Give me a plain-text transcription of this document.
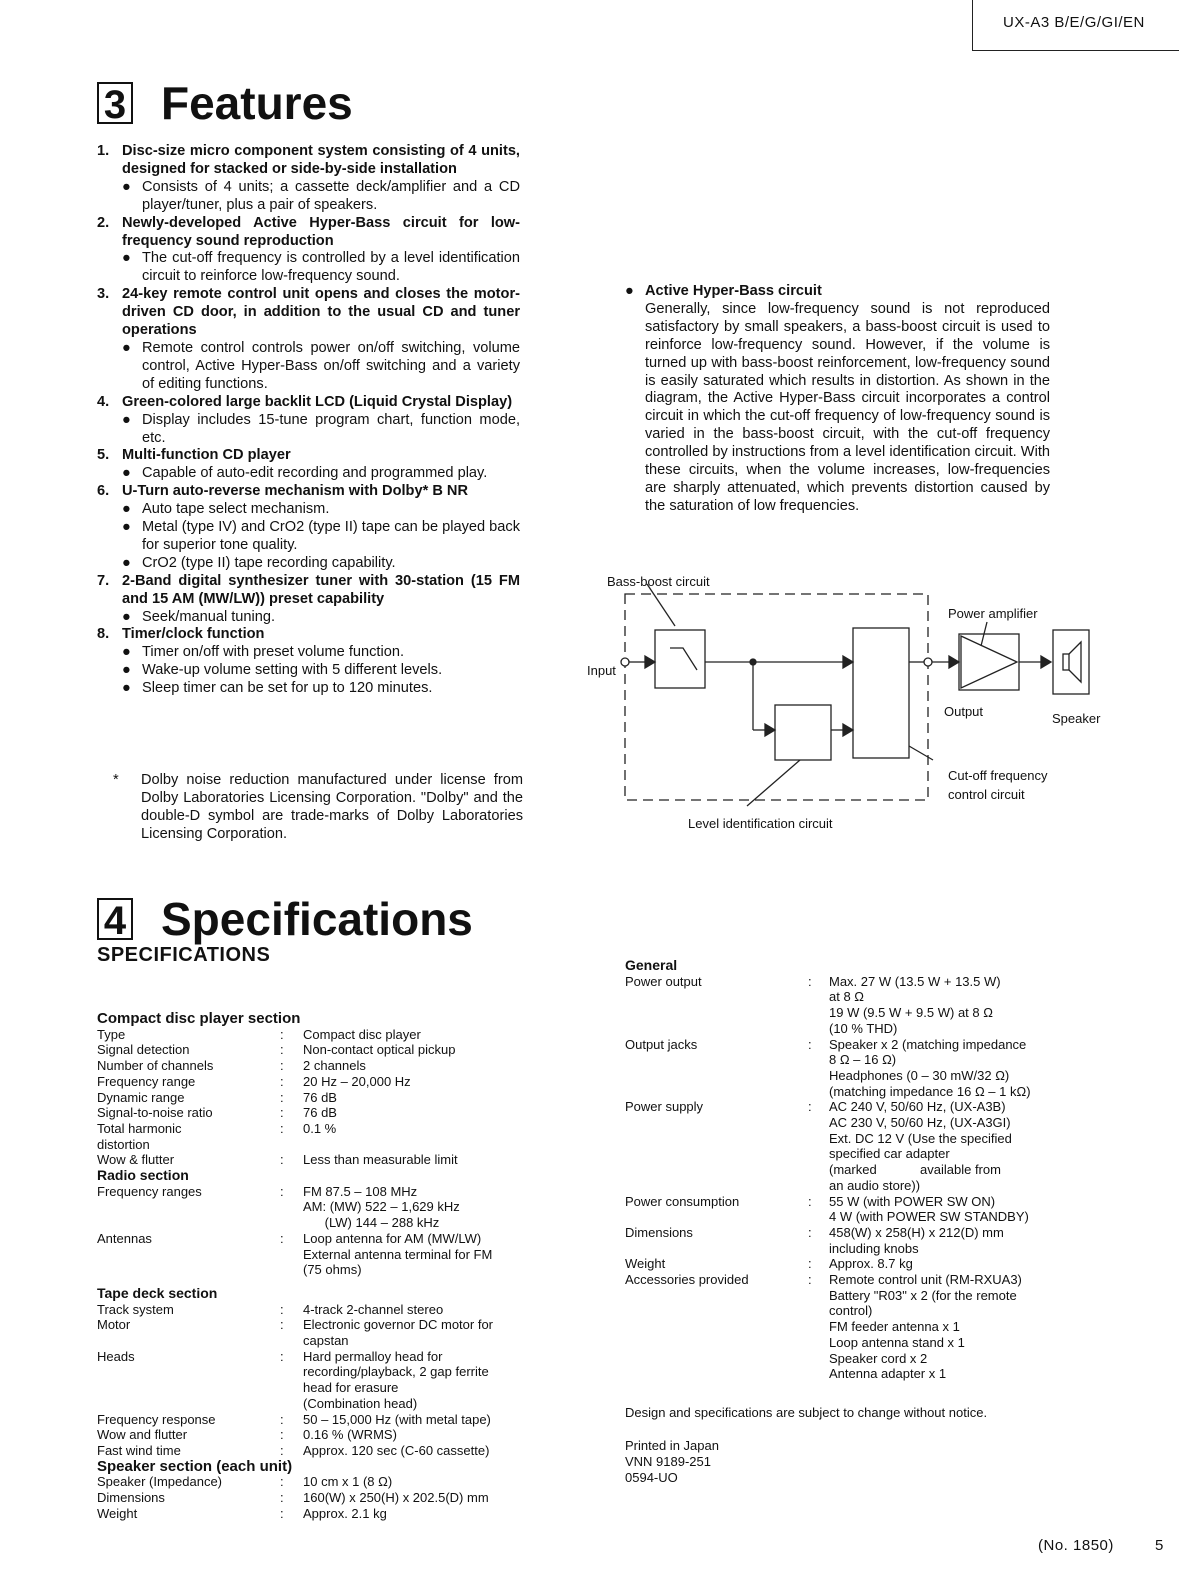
UX-A3 B/E/G/GI/EN
3 Features
1. Disc-size micro component system consisting of 4 units, designed for stacked or side-by-side installation
● Consists of 4 units; a cassette deck/amplifier and a CD player/tuner, plus a pair of speakers.
2. Newly-developed Active Hyper-Bass circuit for low-frequency sound reproduction
● The cut-off frequency is controlled by a level identification circuit to reinforce low-frequency sound.
3. 24-key remote control unit opens and closes the motor-driven CD door, in addition to the usual CD and tuner operations
● Remote control controls power on/off switching, volume control, Active Hyper-Bass on/off switching and a variety of editing functions.
4. Green-colored large backlit LCD (Liquid Crystal Display)
● Display includes 15-tune program chart, function mode, etc.
5. Multi-function CD player
● Capable of auto-edit recording and programmed play.
6. U-Turn auto-reverse mechanism with Dolby* B NR
● Auto tape select mechanism.
● Metal (type IV) and CrO2 (type II) tape can be played back for superior tone quality.
● CrO2 (type II) tape recording capability.
7. 2-Band digital synthesizer tuner with 30-station (15 FM and 15 AM (MW/LW)) preset capability
● Seek/manual tuning.
8. Timer/clock function
● Timer on/off with preset volume function.
● Wake-up volume setting with 5 different levels.
● Sleep timer can be set for up to 120 minutes.
*	Dolby noise reduction manufactured under license from Dolby Laboratories Licensing Corporation. "Dolby" and the double-D symbol are trade-marks of Dolby Laboratories Licensing Corporation.
● Active Hyper-Bass circuit
Generally, since low-frequency sound is not reproduced satisfactory by small speakers, a bass-boost circuit is used to reinforce low-frequency sound. However, if the volume is turned up with bass-boost reinforcement, low-frequency sound is easily saturated which results in distortion. As shown in the diagram, the Active Hyper-Bass circuit incorporates a control circuit in which the cut-off frequency of low-frequency sound is varied in the bass-boost circuit, with the cut-off frequency controlled by instructions from a level identification circuit. With these circuits, when the volume increases, low-frequencies are sharply attenuated, which prevents distortion caused by the saturation of low frequencies.
Bass-boost circuit
Power amplifier
Input
Output	Speaker
Cut-off frequency
control circuit
Level identification circuit
4 Specifications
SPECIFICATIONS
Compact disc player section
Type	:	Compact disc player
Signal detection	:	Non-contact optical pickup
Number of channels	:	2 channels
Frequency range	:	20 Hz – 20,000 Hz
Dynamic range	:	76 dB
Signal-to-noise ratio	:	76 dB
Total harmonic
distortion
:	0.1 %
Wow & flutter	:	Less than measurable limit
Radio section
Frequency ranges	:	FM 87.5 – 108 MHz
AM: (MW) 522 – 1,629 kHz
(LW) 144 – 288 kHz
Antennas	:	Loop antenna for AM (MW/LW)
External antenna terminal for FM
(75 ohms)
Tape deck section
Track system	:	4-track 2-channel stereo
Motor	:	Electronic governor DC motor for
capstan
Heads	:	Hard permalloy head for
recording/playback, 2 gap ferrite
head for erasure
(Combination head)
Frequency response	:	50 – 15,000 Hz (with metal tape)
Wow and flutter	:	0.16 % (WRMS)
Fast wind time	:	Approx. 120 sec (C-60 cassette)
Speaker section (each unit)
Speaker (Impedance)	:	10 cm x 1 (8 Ω)
Dimensions	:	160(W) x 250(H) x 202.5(D) mm
Weight	:	Approx. 2.1 kg
General
Power output	:	Max. 27 W (13.5 W + 13.5 W)
at 8 Ω
19 W (9.5 W + 9.5 W) at 8 Ω
(10 % THD)
Output jacks	:	Speaker x 2 (matching impedance
8 Ω – 16 Ω)
Headphones (0 – 30 mW/32 Ω)
(matching impedance 16 Ω – 1 kΩ)
Power supply	:	AC 240 V, 50/60 Hz, (UX-A3B)
AC 230 V, 50/60 Hz, (UX-A3GI)
Ext. DC 12 V (Use the specified
specified car adapter
(marked            available from
an audio store))
Power consumption	:	55 W (with POWER SW ON)
4 W (with POWER SW STANDBY)
Dimensions	:	458(W) x 258(H) x 212(D) mm
including knobs
Weight	:	Approx. 8.7 kg
Accessories provided	:	Remote control unit (RM-RXUA3)
Battery "R03" x 2 (for the remote
control)
FM feeder antenna x 1
Loop antenna stand x 1
Speaker cord x 2
Antenna adapter x 1
Design and specifications are subject to change without notice.
Printed in Japan
VNN 9189-251
0594-UO
(No. 1850)	5
